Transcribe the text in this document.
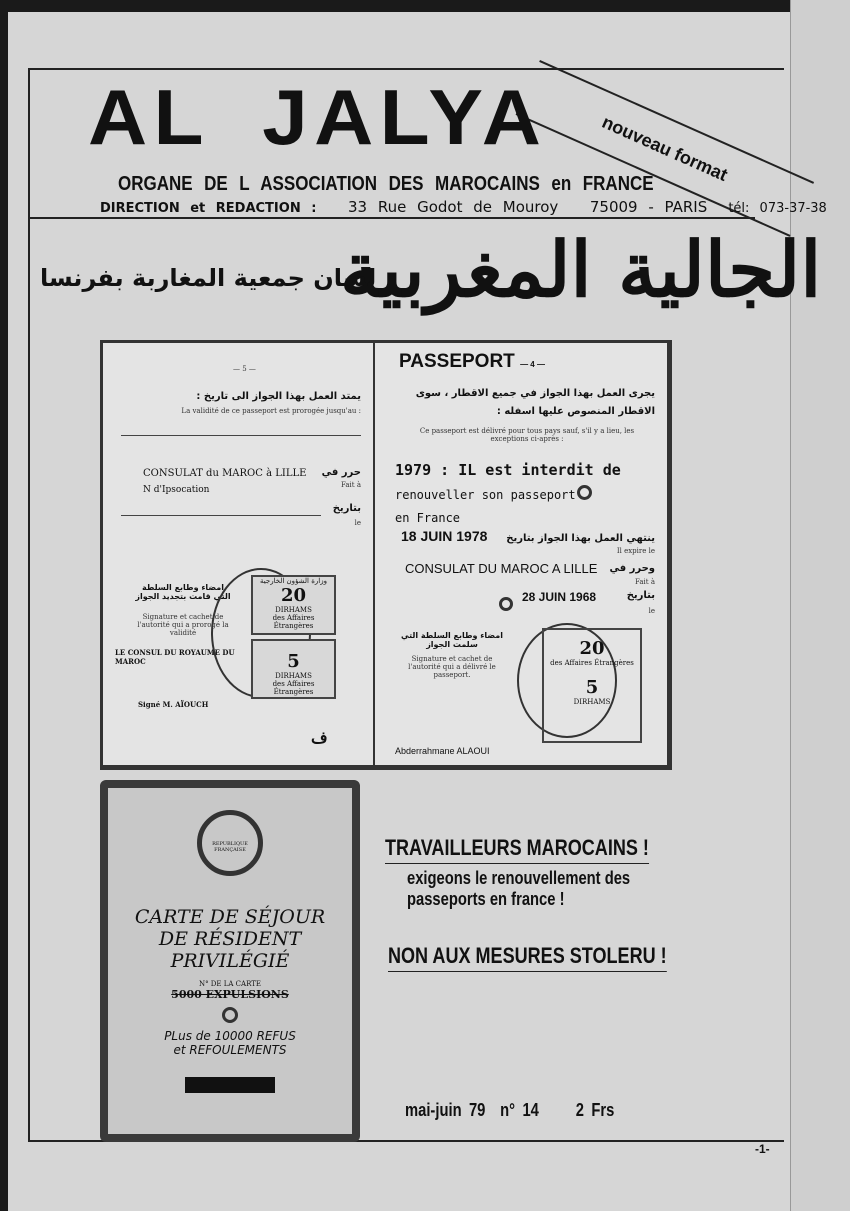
nouveau format
AL JALYA
ORGANE DE L ASSOCIATION DES MAROCAINS en FRANCE
DIRECTION et REDACTION : 33 Rue Godot de Mouroy 75009 - PARIS tél: 073-37-38
الجالية المغربية
لسان جمعية المغاربة بفرنسا
— 5 —
يمتد العمل بهذا الجواز الى تاريخ :
La validité de ce passeport est prorogée jusqu'au :
CONSULAT du MAROC à LILLE حرر في
Fait à
N d'Ipsocation
بتاريخ
le
امضاء وطابع السلطة التي قامت بتجديد الجواز
Signature et cachet de l'autorité qui a prorogé la validité
LE CONSUL DU ROYAUME DU MAROC
Signé M. AÏOUCH
وزارة الشؤون الخارجية
20
DIRHAMS
des Affaires Étrangères
5
DIRHAMS
des Affaires Étrangères
ف
PASSEPORT — 4 —
يجرى العمل بهذا الجواز في جميع الاقطار ، سوى الاقطار المنصوص عليها اسفله :
Ce passeport est délivré pour tous pays sauf, s'il y a lieu, les exceptions ci-après :
1979 : IL est interdit de
renouveller son passeport
en France
18 JUIN 1978 ينتهي العمل بهذا الجواز بتاريخ
Il expire le
CONSULAT DU MAROC A LILLE وحرر في
Fait à
28 JUIN 1968	بتاريخ
le
امضاء وطابع السلطة التي سلمت الجواز
Signature et cachet de l'autorité qui a délivré le passeport.
Abderrahmane ALAOUI
20
des Affaires Étrangères
5
DIRHAMS
REPUBLIQUE FRANÇAISE
CARTE DE SÉJOUR
DE RÉSIDENT
PRIVILÉGIÉ
N° DE LA CARTE
5000 EXPULSIONS
PLus de 10000 REFUS
et REFOULEMENTS
TRAVAILLEURS MAROCAINS !
exigeons le renouvellement des
passeports en france !
NON AUX MESURES STOLERU !
mai-juin 79 n° 14 2 Frs
-1-
